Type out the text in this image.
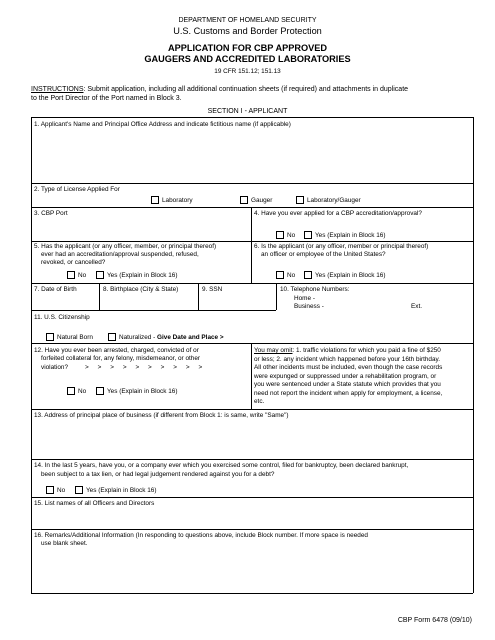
DEPARTMENT OF HOMELAND SECURITY
U.S. Customs and Border Protection
APPLICATION FOR CBP APPROVED
GAUGERS AND ACCREDITED LABORATORIES
19 CFR 151.12; 151.13
INSTRUCTIONS: Submit application, including all additional continuation sheets (if required) and attachments in duplicate
to the Port Director of the Port named in Block 3.
SECTION I - APPLICANT
1. Applicant's Name and Principal Office Address and indicate fictitious name (if applicable)
2. Type of License Applied For
Laboratory	Gauger	Laboratory/Gauger
3. CBP Port	4. Have you ever applied for a CBP accreditation/approval?
No	Yes (Explain in Block 16)
5. Has the applicant (or any officer, member, or principal thereof)
ever had an accreditation/approval suspended, refused,
revoked, or cancelled?
No	Yes (Explain in Block 16)
6. Is the applicant (or any officer, member or principal thereof)
an officer or employee of the United States?
No	Yes (Explain in Block 16)
7. Date of Birth	8. Birthplace (City & State)	9. SSN	10. Telephone Numbers:
Home -
Business -	Ext.
11. U.S. Citizenship
Natural Born	Naturalized - Give Date and Place >
12. Have you ever been arrested, charged, convicted of or
forfeited collateral for, any felony, misdemeanor, or other
violation?	>     >     >     >     >     >     >     >     >     >
No	Yes (Explain in Block 16)
You may omit: 1. traffic violations for which you paid a fine of $250
or less; 2. any incident which happened before your 16th birthday.
All other incidents must be included, even though the case records
were expunged or suppressed under a rehabilitation program, or
you were sentenced under a State statute which provides that you
need not report the incident when apply for employment, a license,
etc.
13. Address of principal place of business (if different from Block 1: is same, write "Same")
14. In the last 5 years, have you, or a company ever which you exercised some control, filed for bankruptcy, been declared bankrupt,
been subject to a tax lien, or had legal judgement rendered against you for a debt?
No	Yes (Explain in Block 16)
15. List names of all Officers and Directors
16. Remarks/Additional Information (In responding to questions above, include Block number. If more space is needed
use blank sheet.
CBP Form 6478 (09/10)
